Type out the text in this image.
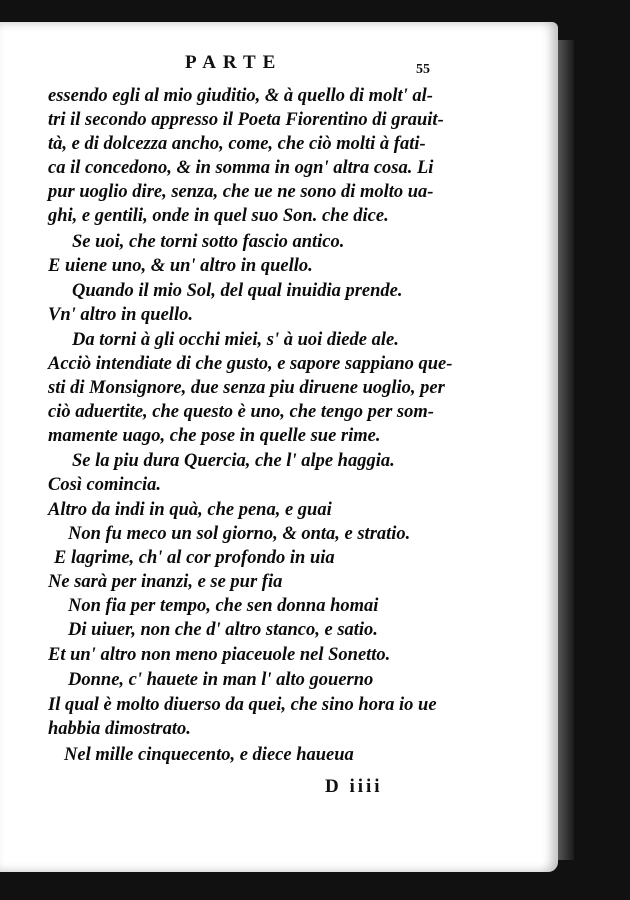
PARTE	55
essendo egli al mio giuditio, & à quello di molt' al-
tri il secondo appresso il Poeta Fiorentino di grauit-
tà, e di dolcezza ancho, come, che ciò molti à fati-
ca il concedono, & in somma in ogn' altra cosa. Li
pur uoglio dire, senza, che ue ne sono di molto ua-
ghi, e gentili, onde in quel suo Son. che dice.
Se uoi, che torni sotto fascio antico.
E uiene uno, & un' altro in quello.
Quando il mio Sol, del qual inuidia prende.
Vn' altro in quello.
Da torni à gli occhi miei, s' à uoi diede ale.
Acciò intendiate di che gusto, e sapore sappiano que-
sti di Monsignore, due senza piu diruene uoglio, per
ciò aduertite, che questo è uno, che tengo per som-
mamente uago, che pose in quelle sue rime.
Se la piu dura Quercia, che l' alpe haggia.
Così comincia.
Altro da indi in quà, che pena, e guai
Non fu meco un sol giorno, & onta, e stratio.
E lagrime, ch' al cor profondo in uia
Ne sarà per inanzi, e se pur fia
Non fia per tempo, che sen donna homai
Di uiuer, non che d' altro stanco, e satio.
Et un' altro non meno piaceuole nel Sonetto.
Donne, c' hauete in man l' alto gouerno
Il qual è molto diuerso da quei, che sino hora io ue
habbia dimostrato.
Nel mille cinquecento, e diece haueua
D iiii
